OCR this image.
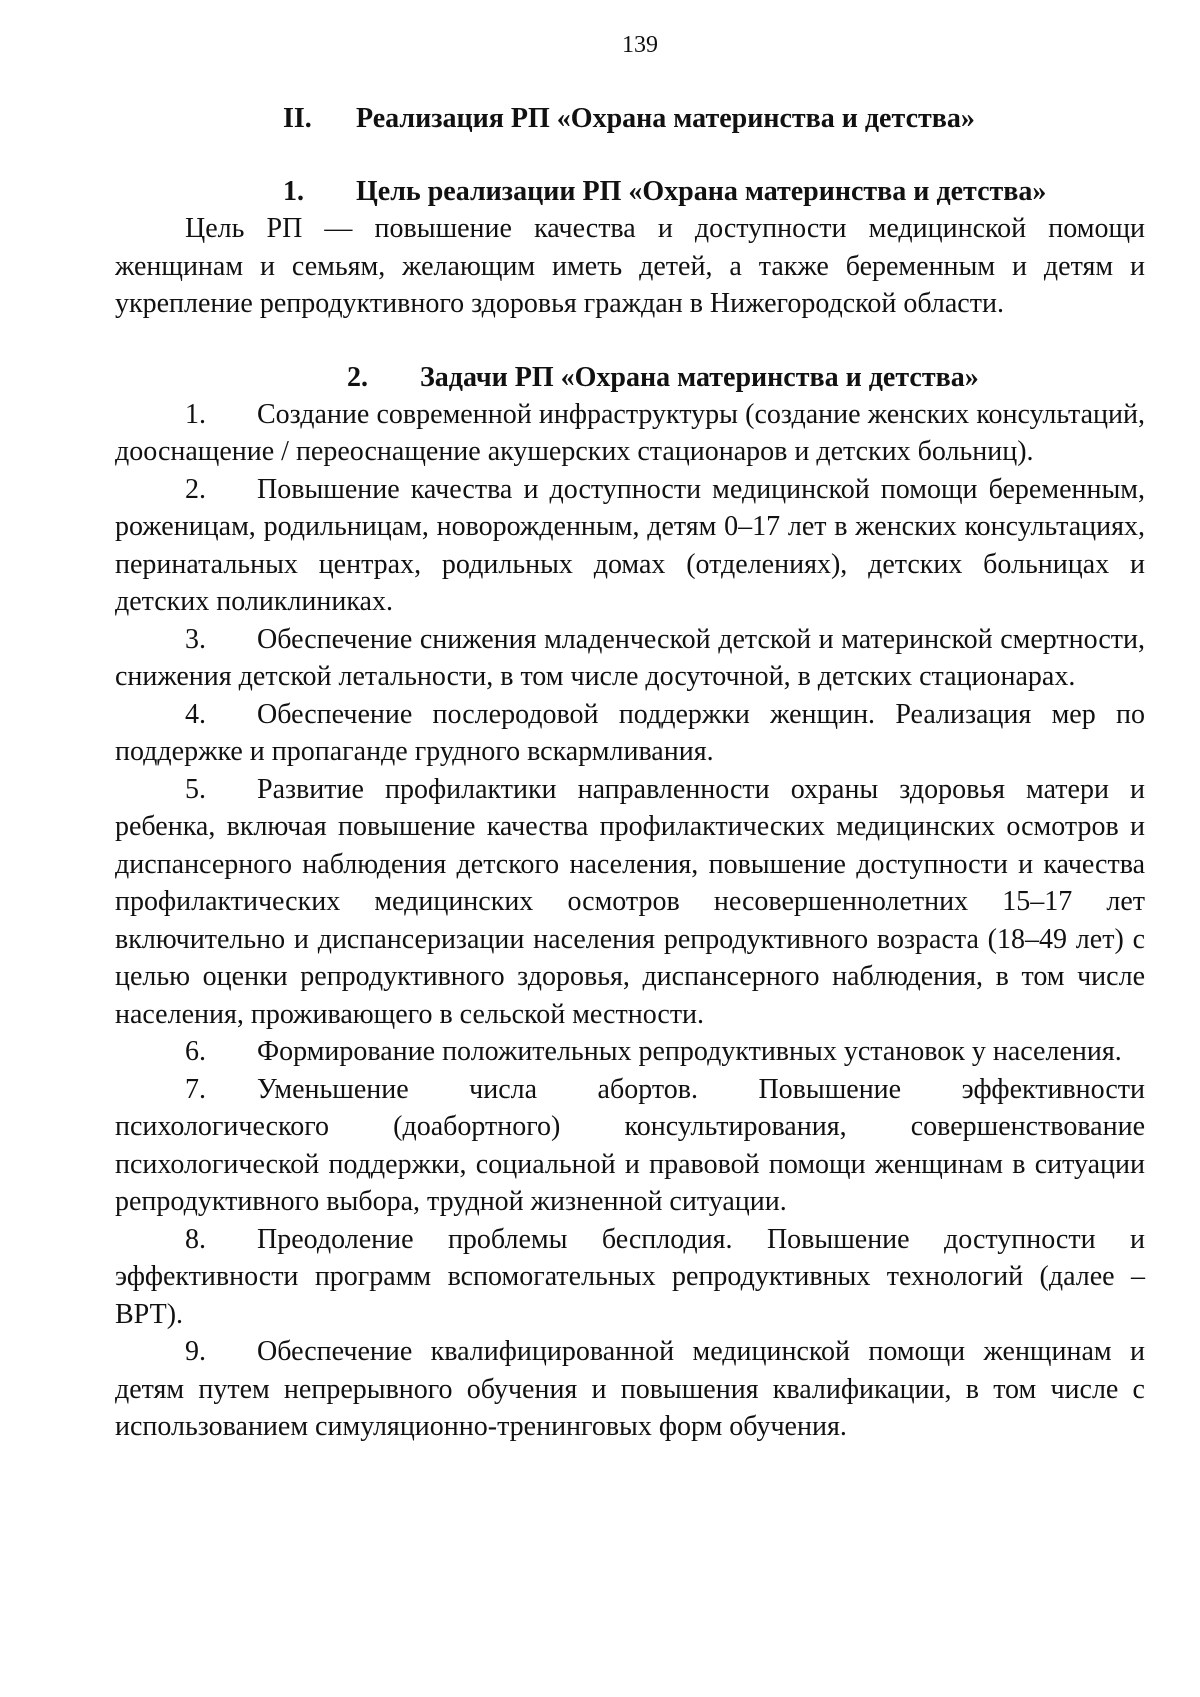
139
II. Реализация РП «Охрана материнства и детства»
1. Цель реализации РП «Охрана материнства и детства»

Цель РП — повышение качества и доступности медицинской помощи женщинам и семьям, желающим иметь детей, а также беременным и детям и укрепление репродуктивного здоровья граждан в Нижегородской области.

2. Задачи РП «Охрана материнства и детства»

1. Создание современной инфраструктуры (создание женских консультаций, дооснащение / переоснащение акушерских стационаров и детских больниц).

2. Повышение качества и доступности медицинской помощи беременным, роженицам, родильницам, новорожденным, детям 0–17 лет в женских консультациях, перинатальных центрах, родильных домах (отделениях), детских больницах и детских поликлиниках.

3. Обеспечение снижения младенческой детской и материнской смертности, снижения детской летальности, в том числе досуточной, в детских стационарах.

4. Обеспечение послеродовой поддержки женщин. Реализация мер по поддержке и пропаганде грудного вскармливания.

5. Развитие профилактики направленности охраны здоровья матери и ребенка, включая повышение качества профилактических медицинских осмотров и диспансерного наблюдения детского населения, повышение доступности и качества профилактических медицинских осмотров несовершеннолетних 15–17 лет включительно и диспансеризации населения репродуктивного возраста (18–49 лет) с целью оценки репродуктивного здоровья, диспансерного наблюдения, в том числе населения, проживающего в сельской местности.

6. Формирование положительных репродуктивных установок у населения.

7. Уменьшение числа абортов. Повышение эффективности психологического (доабортного) консультирования, совершенствование психологической поддержки, социальной и правовой помощи женщинам в ситуации репродуктивного выбора, трудной жизненной ситуации.

8. Преодоление проблемы бесплодия. Повышение доступности и эффективности программ вспомогательных репродуктивных технологий (далее – ВРТ).

9. Обеспечение квалифицированной медицинской помощи женщинам и детям путем непрерывного обучения и повышения квалификации, в том числе с использованием симуляционно-тренинговых форм обучения.
